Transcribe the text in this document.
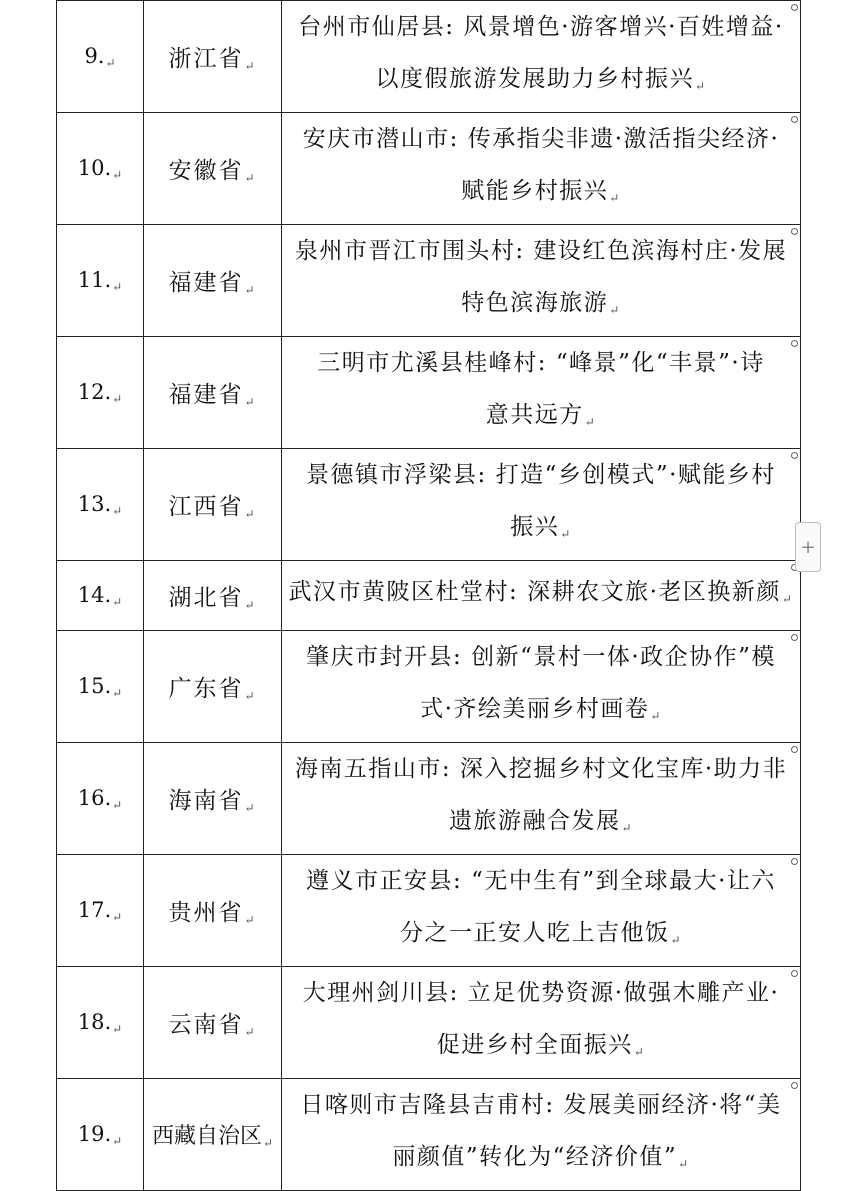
9.↵	浙江省↵	台州市仙居县: 风景增色·游客增兴·百姓增益·
以度假旅游发展助力乡村振兴↵

10.↵	安徽省↵	安庆市潜山市: 传承指尖非遗·激活指尖经济·
赋能乡村振兴↵

11.↵	福建省↵	泉州市晋江市围头村: 建设红色滨海村庄·发展
特色滨海旅游↵

12.↵	福建省↵	三明市尤溪县桂峰村: “峰景”化“丰景”·诗
意共远方↵

13.↵	江西省↵	景德镇市浮梁县: 打造“乡创模式”·赋能乡村
振兴↵

14.↵	湖北省↵	武汉市黄陂区杜堂村: 深耕农文旅·老区换新颜↵

15.↵	广东省↵	肇庆市封开县: 创新“景村一体·政企协作”模
式·齐绘美丽乡村画卷↵

16.↵	海南省↵	海南五指山市: 深入挖掘乡村文化宝库·助力非
遗旅游融合发展↵

17.↵	贵州省↵	遵义市正安县: “无中生有”到全球最大·让六
分之一正安人吃上吉他饭↵

18.↵	云南省↵	大理州剑川县: 立足优势资源·做强木雕产业·
促进乡村全面振兴↵

19.↵	西藏自治区↵	日喀则市吉隆县吉甫村: 发展美丽经济·将“美
丽颜值”转化为“经济价值”↵
+
